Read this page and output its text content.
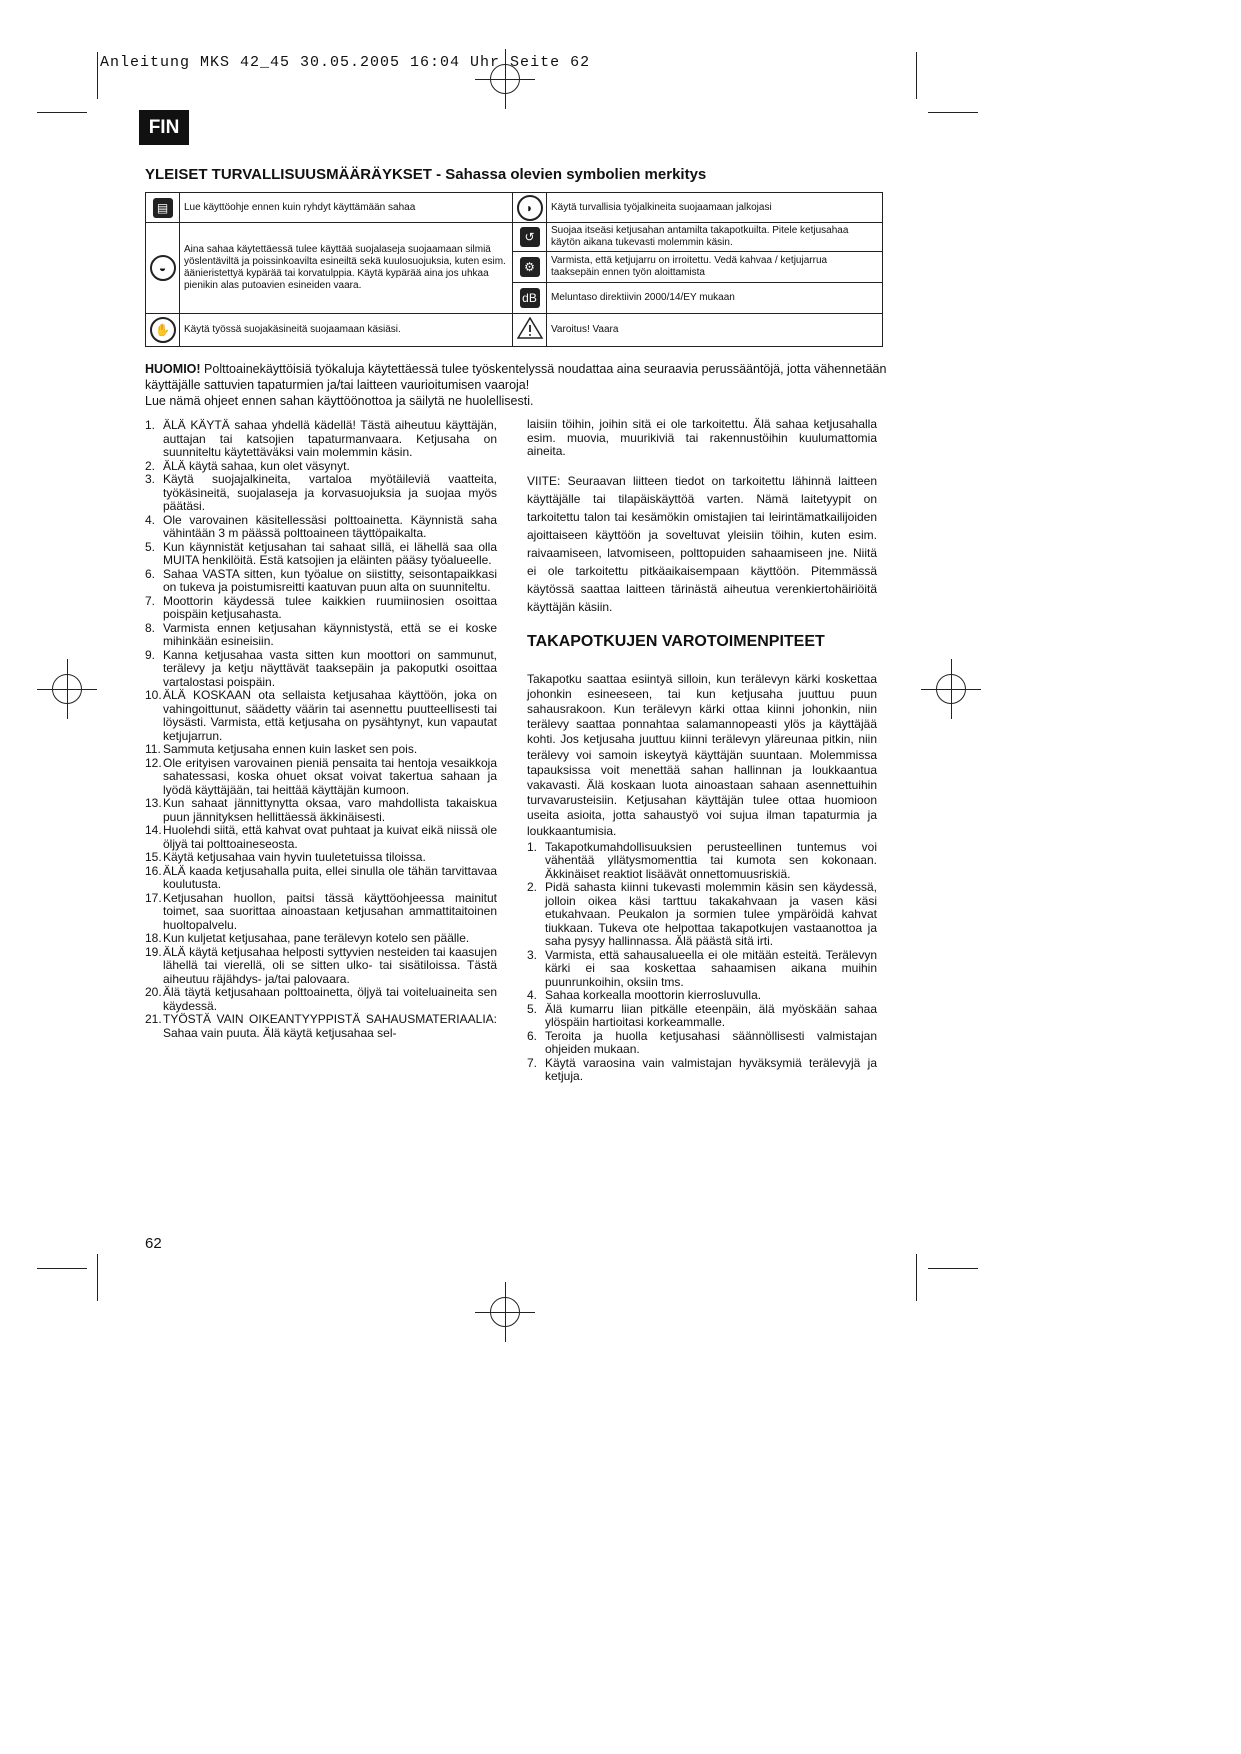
Anleitung MKS 42_45 30.05.2005 16:04 Uhr Seite 62
FIN
YLEISET TURVALLISUUSMÄÄRÄYKSET - Sahassa olevien symbolien merkitys
▤	Lue käyttöohje ennen kuin ryhdyt käyttämään sahaa	◗	Käytä turvallisia työjalkineita suojaamaan jalkojasi
◒	Aina sahaa käytettäessä tulee käyttää suojalaseja suojaamaan silmiä yöslentäviltä ja poissinkoavilta esineiltä sekä kuulosuojuksia, kuten esim. äänieristettyä kypärää tai korvatulppia. Käytä kypärää aina jos uhkaa pienikin alas putoavien esineiden vaara.	↺	Suojaa itseäsi ketjusahan antamilta takapotkuilta. Pitele ketjusahaa käytön aikana tukevasti molemmin käsin.
		⚙	Varmista, että ketjujarru on irroitettu. Vedä kahvaa / ketjujarrua taaksepäin ennen työn aloittamista
		dB	Meluntaso direktiivin 2000/14/EY mukaan
✋	Käytä työssä suojakäsineitä suojaamaan käsiäsi.		Varoitus! Vaara
HUOMIO! Polttoainekäyttöisiä työkaluja käytettäessä tulee työskentelyssä noudattaa aina seuraavia perussääntöjä, jotta vähennetään käyttäjälle sattuvien tapaturmien ja/tai laitteen vaurioitumisen vaaroja!
Lue nämä ohjeet ennen sahan käyttöönottoa ja säilytä ne huolellisesti.
1. ÄLÄ KÄYTÄ sahaa yhdellä kädellä! Tästä aiheutuu käyttäjän, auttajan tai katsojien tapaturmanvaara. Ketjusaha on suunniteltu käytettäväksi vain molemmin käsin.
2. ÄLÄ käytä sahaa, kun olet väsynyt.
3. Käytä suojajalkineita, vartaloa myötäileviä vaatteita, työkäsineitä, suojalaseja ja korvasuojuksia ja suojaa myös päätäsi.
4. Ole varovainen käsitellessäsi polttoainetta. Käynnistä saha vähintään 3 m päässä polttoaineen täyttöpaikalta.
5. Kun käynnistät ketjusahan tai sahaat sillä, ei lähellä saa olla MUITA henkilöitä. Estä katsojien ja eläinten pääsy työalueelle.
6. Sahaa VASTA sitten, kun työalue on siistitty, seisontapaikkasi on tukeva ja poistumisreitti kaatuvan puun alta on suunniteltu.
7. Moottorin käydessä tulee kaikkien ruumiinosien osoittaa poispäin ketjusahasta.
8. Varmista ennen ketjusahan käynnistystä, että se ei koske mihinkään esineisiin.
9. Kanna ketjusahaa vasta sitten kun moottori on sammunut, terälevy ja ketju näyttävät taaksepäin ja pakoputki osoittaa vartalostasi poispäin.
10. ÄLÄ KOSKAAN ota sellaista ketjusahaa käyttöön, joka on vahingoittunut, säädetty väärin tai asennettu puutteellisesti tai löysästi. Varmista, että ketjusaha on pysähtynyt, kun vapautat ketjujarrun.
11. Sammuta ketjusaha ennen kuin lasket sen pois.
12. Ole erityisen varovainen pieniä pensaita tai hentoja vesaikkoja sahatessasi, koska ohuet oksat voivat takertua sahaan ja lyödä käyttäjään, tai heittää käyttäjän kumoon.
13. Kun sahaat jännittynytta oksaa, varo mahdollista takaiskua puun jännityksen hellittäessä äkkinäisesti.
14. Huolehdi siitä, että kahvat ovat puhtaat ja kuivat eikä niissä ole öljyä tai polttoaineseosta.
15. Käytä ketjusahaa vain hyvin tuuletetuissa tiloissa.
16. ÄLÄ kaada ketjusahalla puita, ellei sinulla ole tähän tarvittavaa koulutusta.
17. Ketjusahan huollon, paitsi tässä käyttöohjeessa mainitut toimet, saa suorittaa ainoastaan ketjusahan ammattitaitoinen huoltopalvelu.
18. Kun kuljetat ketjusahaa, pane terälevyn kotelo sen päälle.
19. ÄLÄ käytä ketjusahaa helposti syttyvien nesteiden tai kaasujen lähellä tai vierellä, oli se sitten ulko- tai sisätiloissa. Tästä aiheutuu räjähdys- ja/tai palovaara.
20. Älä täytä ketjusahaan polttoainetta, öljyä tai voiteluaineita sen käydessä.
21. TYÖSTÄ VAIN OIKEANTYYPPISTÄ SAHAUSMATERIAALIA: Sahaa vain puuta. Älä käytä ketjusahaa sel-
laisiin töihin, joihin sitä ei ole tarkoitettu. Älä sahaa ketjusahalla esim. muovia, muurikiviä tai rakennustöihin kuulumattomia aineita.
VIITE: Seuraavan liitteen tiedot on tarkoitettu lähinnä laitteen käyttäjälle tai tilapäiskäyttöä varten. Nämä laitetyypit on tarkoitettu talon tai kesämökin omistajien tai leirintämatkailijoiden ajoittaiseen käyttöön ja soveltuvat yleisiin töihin, kuten esim. raivaamiseen, latvomiseen, polttopuiden sahaamiseen jne. Niitä ei ole tarkoitettu pitkäaikaisempaan käyttöön. Pitemmässä käytössä saattaa laitteen tärinästä aiheutua verenkiertohäiriöitä käyttäjän käsiin.
TAKAPOTKUJEN VAROTOIMENPITEET
Takapotku saattaa esiintyä silloin, kun terälevyn kärki koskettaa johonkin esineeseen, tai kun ketjusaha juuttuu puun sahausrakoon. Kun terälevyn kärki ottaa kiinni johonkin, niin terälevy saattaa ponnahtaa salamannopeasti ylös ja käyttäjää kohti. Jos ketjusaha juuttuu kiinni terälevyn yläreunaa pitkin, niin terälevy voi samoin iskeytyä käyttäjän suuntaan. Molemmissa tapauksissa voit menettää sahan hallinnan ja loukkaantua vakavasti. Älä koskaan luota ainoastaan sahaan asennettuihin turvavarusteisiin. Ketjusahan käyttäjän tulee ottaa huomioon useita asioita, jotta sahaustyö voi sujua ilman tapaturmia ja loukkaantumisia.
1. Takapotkumahdollisuuksien perusteellinen tuntemus voi vähentää yllätysmomenttia tai kumota sen kokonaan. Äkkinäiset reaktiot lisäävät onnettomuusriskiä.
2. Pidä sahasta kiinni tukevasti molemmin käsin sen käydessä, jolloin oikea käsi tarttuu takakahvaan ja vasen käsi etukahvaan. Peukalon ja sormien tulee ympäröidä kahvat tiukkaan. Tukeva ote helpottaa takapotkujen vastaanottoa ja saha pysyy hallinnassa. Älä päästä sitä irti.
3. Varmista, että sahausalueella ei ole mitään esteitä. Terälevyn kärki ei saa koskettaa sahaamisen aikana muihin puunrunkoihin, oksiin tms.
4. Sahaa korkealla moottorin kierrosluvulla.
5. Älä kumarru liian pitkälle eteenpäin, älä myöskään sahaa ylöspäin hartioitasi korkeammalle.
6. Teroita ja huolla ketjusahasi säännöllisesti valmistajan ohjeiden mukaan.
7. Käytä varaosina vain valmistajan hyväksymiä terälevyjä ja ketjuja.
62
